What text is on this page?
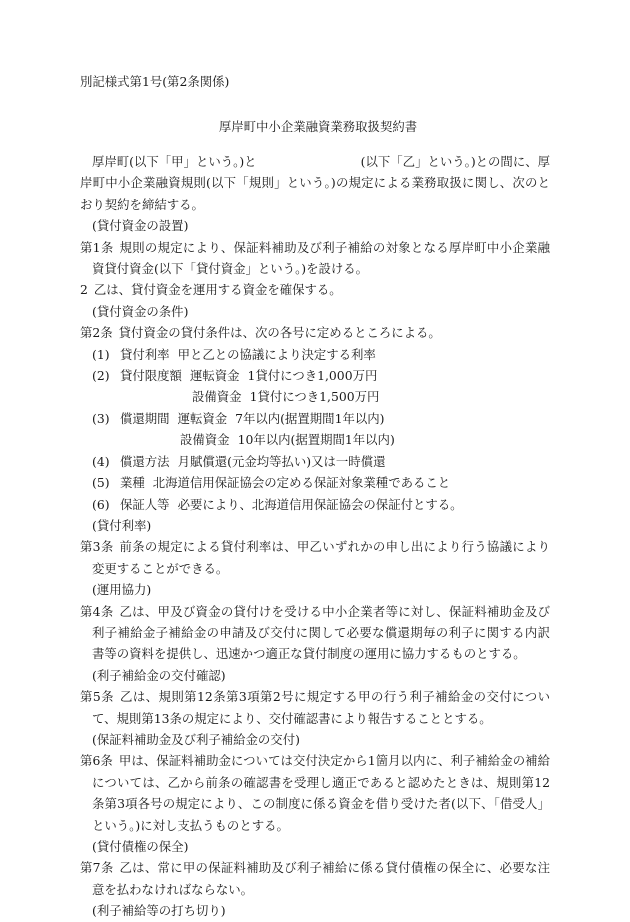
別記様式第1号(第2条関係)
厚岸町中小企業融資業務取扱契約書
厚岸町(以下「甲」という。)と	(以下「乙」という。)との間に、厚
岸町中小企業融資規則(以下「規則」という。)の規定による業務取扱に関し、次のとおり契約を締結する。
(貸付資金の設置)
第1条 規則の規定により、保証料補助及び利子補給の対象となる厚岸町中小企業融資貸付資金(以下「貸付資金」という。)を設ける。
2 乙は、貸付資金を運用する資金を確保する。
(貸付資金の条件)
第2条 貸付資金の貸付条件は、次の各号に定めるところによる。
(1) 貸付利率 甲と乙との協議により決定する利率
(2) 貸付限度額 運転資金 1貸付につき1,000万円
設備資金 1貸付につき1,500万円
(3) 償還期間 運転資金 7年以内(据置期間1年以内)
設備資金 10年以内(据置期間1年以内)
(4) 償還方法 月賦償還(元金均等払い)又は一時償還
(5) 業種 北海道信用保証協会の定める保証対象業種であること
(6) 保証人等 必要により、北海道信用保証協会の保証付とする。
(貸付利率)
第3条 前条の規定による貸付利率は、甲乙いずれかの申し出により行う協議により変更することができる。
(運用協力)
第4条 乙は、甲及び資金の貸付けを受ける中小企業者等に対し、保証料補助金及び利子補給金子補給金の申請及び交付に関して必要な償還期毎の利子に関する内訳書等の資料を提供し、迅速かつ適正な貸付制度の運用に協力するものとする。
(利子補給金の交付確認)
第5条 乙は、規則第12条第3項第2号に規定する甲の行う利子補給金の交付について、規則第13条の規定により、交付確認書により報告することとする。
(保証料補助金及び利子補給金の交付)
第6条 甲は、保証料補助金については交付決定から1箇月以内に、利子補給金の補給については、乙から前条の確認書を受理し適正であると認めたときは、規則第12条第3項各号の規定により、この制度に係る資金を借り受けた者(以下、「借受人」という。)に対し支払うものとする。
(貸付債権の保全)
第7条 乙は、常に甲の保証料補助及び利子補給に係る貸付債権の保全に、必要な注意を払わなければならない。
(利子補給等の打ち切り)
